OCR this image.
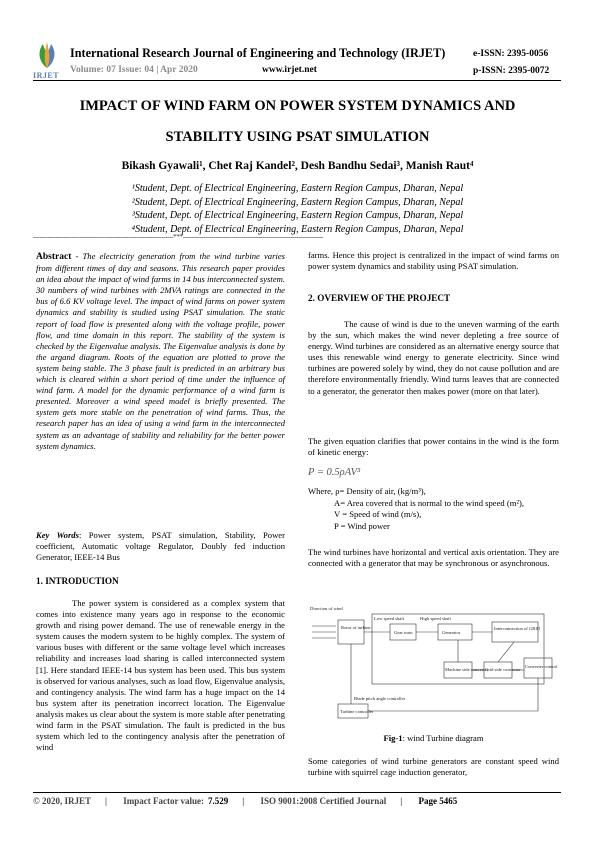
IRJET
International Research Journal of Engineering and Technology (IRJET)
Volume: 07 Issue: 04 | Apr 2020	www.irjet.net
e-ISSN: 2395-0056
p-ISSN: 2395-0072
IMPACT OF WIND FARM ON POWER SYSTEM DYNAMICS AND
STABILITY USING PSAT SIMULATION
Bikash Gyawali¹, Chet Raj Kandel², Desh Bandhu Sedai³, Manish Raut⁴
¹Student, Dept. of Electrical Engineering, Eastern Region Campus, Dharan, Nepal
²Student, Dept. of Electrical Engineering, Eastern Region Campus, Dharan, Nepal
³Student, Dept. of Electrical Engineering, Eastern Region Campus, Dharan, Nepal
⁴Student, Dept. of Electrical Engineering, Eastern Region Campus, Dharan, Nepal
---------------------------------------------------------------------***---------------------------------------------------------------------
Abstract - The electricity generation from the wind turbine varies from different times of day and seasons. This research paper provides an idea about the impact of wind farms in 14 bus interconnected system. 30 numbers of wind turbines with 2MVA ratings are connected in the bus of 6.6 KV voltage level. The impact of wind farms on power system dynamics and stability is studied using PSAT simulation. The static report of load flow is presented along with the voltage profile, power flow, and time domain in this report. The stability of the system is checked by the Eigenvalue analysis. The Eigenvalue analysis is done by the argand diagram. Roots of the equation are plotted to prove the system being stable. The 3 phase fault is predicted in an arbitrary bus which is cleared within a short period of time under the influence of wind farm. A model for the dynamic performance of a wind farm is presented. Moreover a wind speed model is briefly presented. The system gets more stable on the penetration of wind farms. Thus, the research paper has an idea of using a wind farm in the interconnected system as an advantage of stability and reliability for the better power system dynamics.
Key Words: Power system, PSAT simulation, Stability, Power coefficient, Automatic voltage Regulator, Doubly fed induction Generator, IEEE-14 Bus
1. INTRODUCTION
The power system is considered as a complex system that comes into existence many years ago in response to the economic growth and rising power demand. The use of renewable energy in the system causes the modern system to be highly complex. The system of various buses with different or the same voltage level which increases reliability and increases load sharing is called interconnected system [1]. Here standard IEEE-14 bus system has been used. This bus system is observed for various analyses, such as load flow, Eigenvalue analysis, and contingency analysis. The wind farm has a huge impact on the 14 bus system after its penetration incorrect location. The Eigenvalue analysis makes us clear about the system is more stable after penetrating wind farm in the PSAT simulation. The fault is predicted in the bus system which led to the contingency analysis after the penetration of wind
farms. Hence this project is centralized in the impact of wind farms on power system dynamics and stability using PSAT simulation.
2. OVERVIEW OF THE PROJECT
The cause of wind is due to the uneven warming of the earth by the sun, which makes the wind never depleting a free source of energy. Wind turbines are considered as an alternative energy source that uses this renewable wind energy to generate electricity. Since wind turbines are powered solely by wind, they do not cause pollution and are therefore environmentally friendly. Wind turns leaves that are connected to a generator, the generator then makes power (more on that later).
The given equation clarifies that power contains in the wind is the form of kinetic energy:
P = 0.5ρAV³
Where, ρ= Density of air, (kg/m³),
A= Area covered that is normal to the wind speed (m²),
V = Speed of wind (m/s),
P = Wind power
The wind turbines have horizontal and vertical axis orientation. They are connected with a generator that may be synchronous or asynchronous.
Direction of wind
Rotor of turbine
Low speed shaft
Gear train
High speed shaft
Generator
Interconnection of GRID
Machine side converter
Grid side converter
Converter control
Blade pitch angle controller
Turbine controller
Fig-1: wind Turbine diagram
Some categories of wind turbine generators are constant speed wind turbine with squirrel cage induction generator,
© 2020, IRJET | Impact Factor value: 7.529 | ISO 9001:2008 Certified Journal | Page 5465
